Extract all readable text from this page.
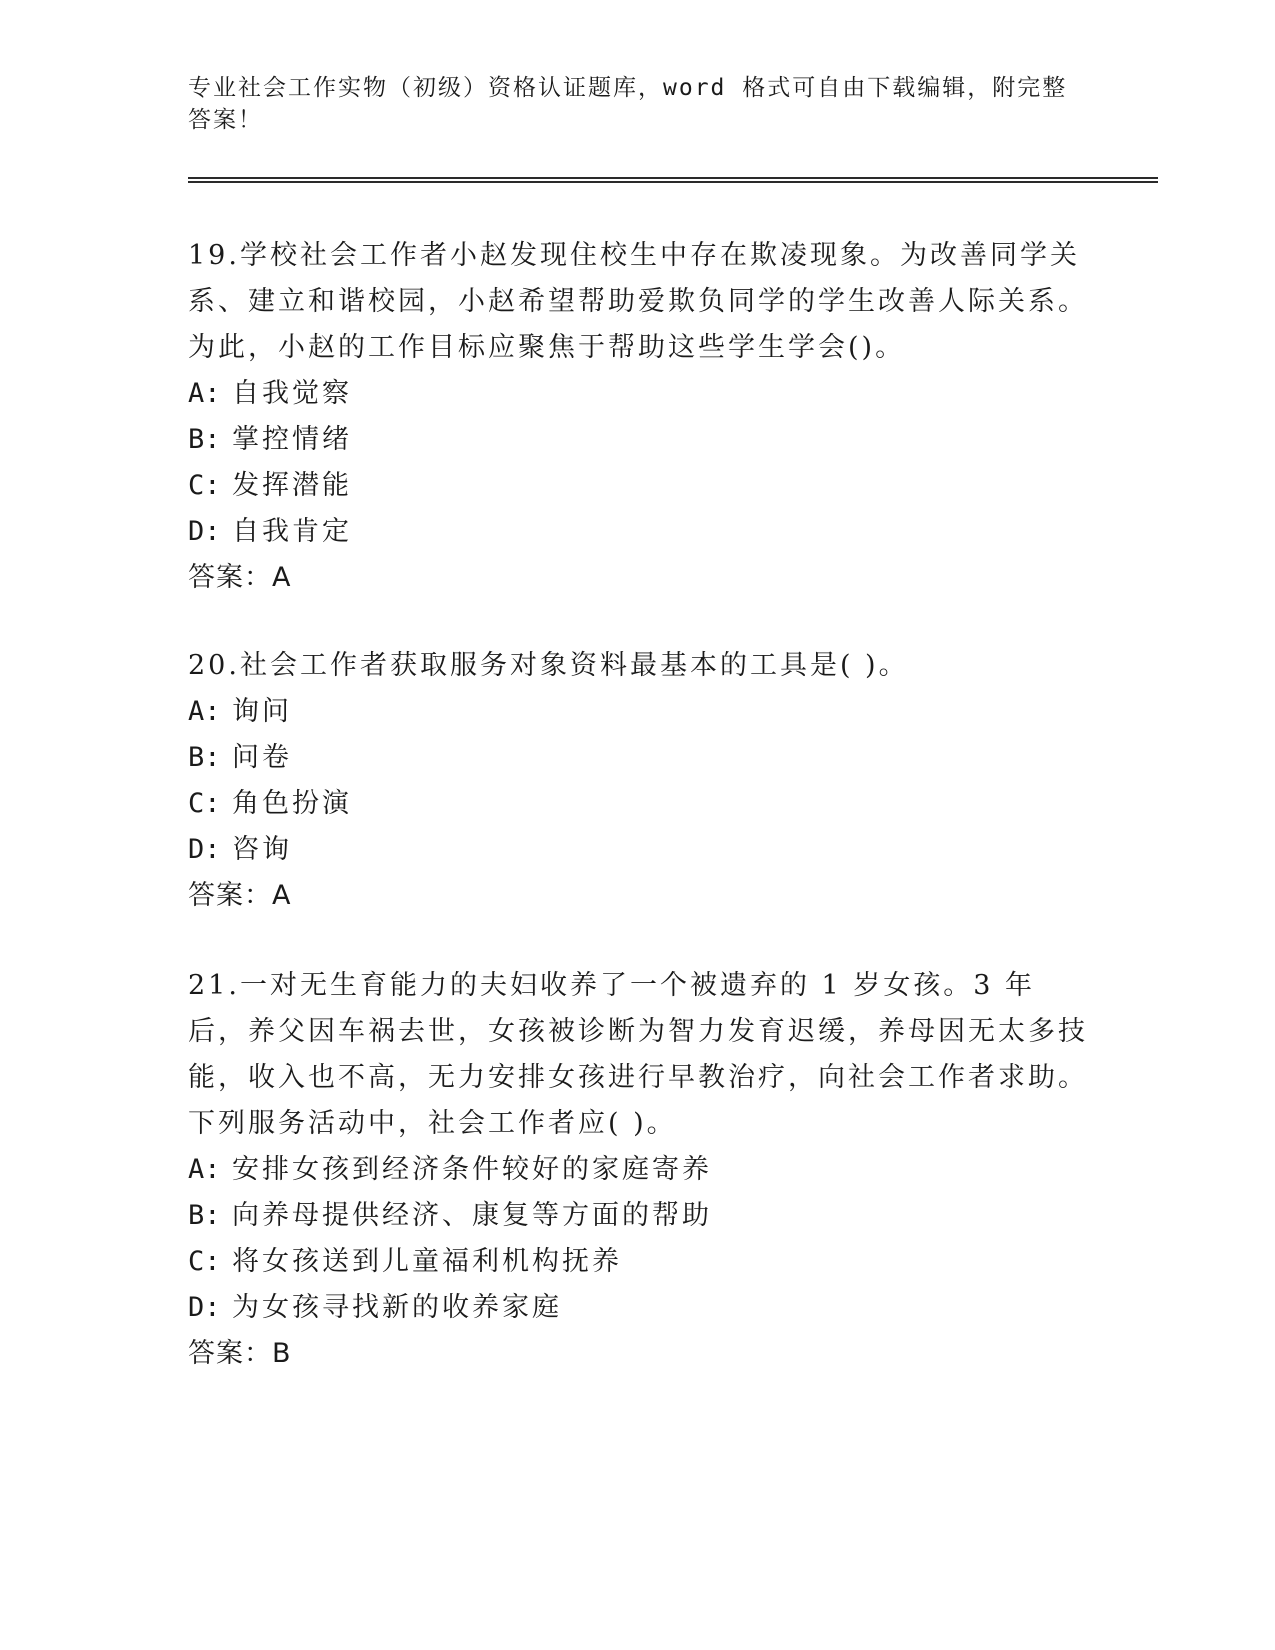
专业社会工作实物（初级）资格认证题库，word 格式可自由下载编辑，附完整答案！

19.学校社会工作者小赵发现住校生中存在欺凌现象。为改善同学关系、建立和谐校园，小赵希望帮助爱欺负同学的学生改善人际关系。为此，小赵的工作目标应聚焦于帮助这些学生学会()。

A: 自我觉察

B: 掌控情绪

C: 发挥潜能

D: 自我肯定

答案：A

20.社会工作者获取服务对象资料最基本的工具是( )。

A: 询问

B: 问卷

C: 角色扮演

D: 咨询

答案：A

21.一对无生育能力的夫妇收养了一个被遗弃的 1 岁女孩。3 年后，养父因车祸去世，女孩被诊断为智力发育迟缓，养母因无太多技能，收入也不高，无力安排女孩进行早教治疗，向社会工作者求助。下列服务活动中，社会工作者应( )。

A: 安排女孩到经济条件较好的家庭寄养

B: 向养母提供经济、康复等方面的帮助

C: 将女孩送到儿童福利机构抚养

D: 为女孩寻找新的收养家庭

答案：B
